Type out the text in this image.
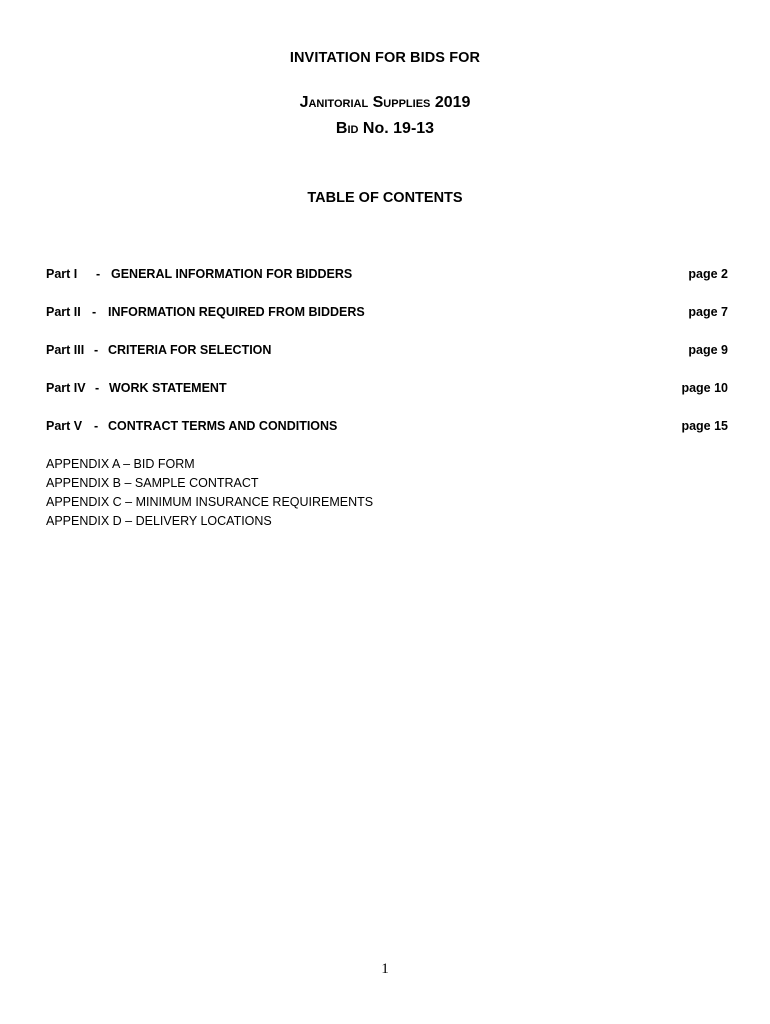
INVITATION FOR BIDS FOR
Janitorial Supplies 2019
Bid No. 19-13
TABLE OF CONTENTS
Part I - GENERAL INFORMATION FOR BIDDERS	page 2
Part II - INFORMATION REQUIRED FROM BIDDERS	page 7
Part III - CRITERIA FOR SELECTION	page 9
Part IV - WORK STATEMENT	page 10
Part V - CONTRACT TERMS AND CONDITIONS	page 15
APPENDIX A – BID FORM
APPENDIX B – SAMPLE CONTRACT
APPENDIX C – MINIMUM INSURANCE REQUIREMENTS
APPENDIX D – DELIVERY LOCATIONS
1
